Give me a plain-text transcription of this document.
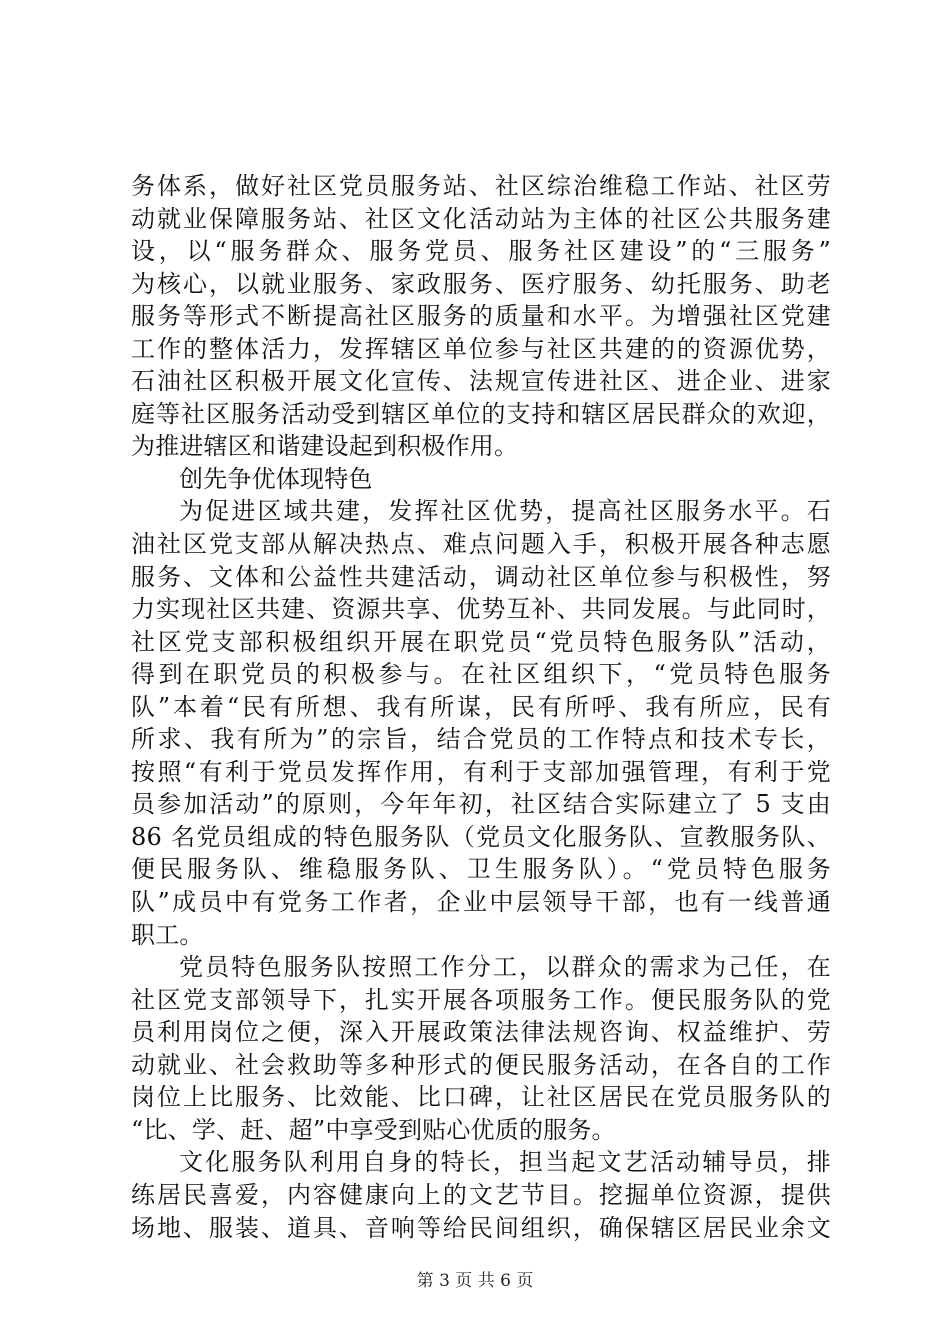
务体系，做好社区党员服务站、社区综治维稳工作站、社区劳
动就业保障服务站、社区文化活动站为主体的社区公共服务建
设，以“服务群众、服务党员、服务社区建设”的“三服务”
为核心，以就业服务、家政服务、医疗服务、幼托服务、助老
服务等形式不断提高社区服务的质量和水平。为增强社区党建
工作的整体活力，发挥辖区单位参与社区共建的的资源优势，
石油社区积极开展文化宣传、法规宣传进社区、进企业、进家
庭等社区服务活动受到辖区单位的支持和辖区居民群众的欢迎，
为推进辖区和谐建设起到积极作用。
创先争优体现特色
为促进区域共建，发挥社区优势，提高社区服务水平。石
油社区党支部从解决热点、难点问题入手，积极开展各种志愿
服务、文体和公益性共建活动，调动社区单位参与积极性，努
力实现社区共建、资源共享、优势互补、共同发展。与此同时，
社区党支部积极组织开展在职党员“党员特色服务队”活动，
得到在职党员的积极参与。在社区组织下，“党员特色服务
队”本着“民有所想、我有所谋，民有所呼、我有所应，民有
所求、我有所为”的宗旨，结合党员的工作特点和技术专长，
按照“有利于党员发挥作用，有利于支部加强管理，有利于党
员参加活动”的原则，今年年初，社区结合实际建立了 5 支由
86 名党员组成的特色服务队（党员文化服务队、宣教服务队、
便民服务队、维稳服务队、卫生服务队）。“党员特色服务
队”成员中有党务工作者，企业中层领导干部，也有一线普通
职工。
党员特色服务队按照工作分工，以群众的需求为己任，在
社区党支部领导下，扎实开展各项服务工作。便民服务队的党
员利用岗位之便，深入开展政策法律法规咨询、权益维护、劳
动就业、社会救助等多种形式的便民服务活动，在各自的工作
岗位上比服务、比效能、比口碑，让社区居民在党员服务队的
“比、学、赶、超”中享受到贴心优质的服务。
文化服务队利用自身的特长，担当起文艺活动辅导员，排
练居民喜爱，内容健康向上的文艺节目。挖掘单位资源，提供
场地、服装、道具、音响等给民间组织，确保辖区居民业余文
第 3 页 共 6 页
